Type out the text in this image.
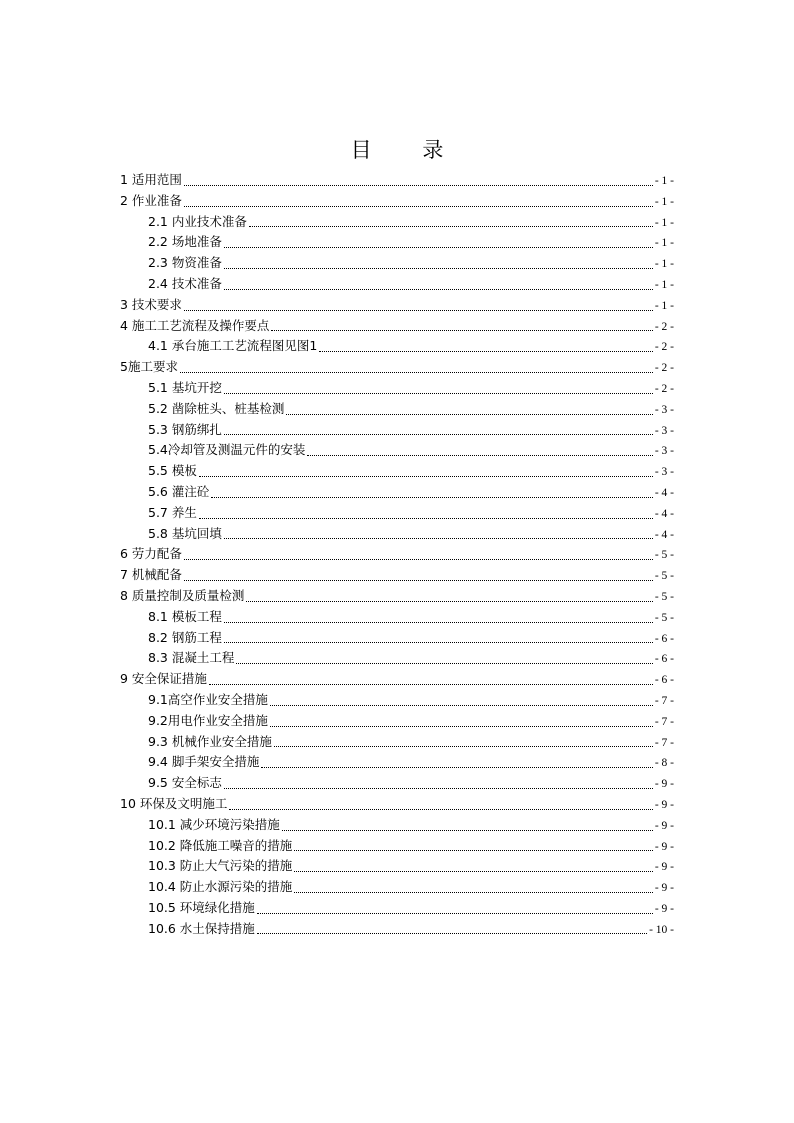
目 录
1 适用范围	- 1 -
2 作业准备	- 1 -
2.1 内业技术准备	- 1 -
2.2 场地准备	- 1 -
2.3 物资准备	- 1 -
2.4 技术准备	- 1 -
3 技术要求	- 1 -
4 施工工艺流程及操作要点	- 2 -
4.1 承台施工工艺流程图见图1	- 2 -
5施工要求	- 2 -
5.1 基坑开挖	- 2 -
5.2 凿除桩头、桩基检测	- 3 -
5.3 钢筋绑扎	- 3 -
5.4冷却管及测温元件的安装	- 3 -
5.5 模板	- 3 -
5.6 灌注砼	- 4 -
5.7 养生	- 4 -
5.8 基坑回填	- 4 -
6 劳力配备	- 5 -
7 机械配备	- 5 -
8 质量控制及质量检测	- 5 -
8.1 模板工程	- 5 -
8.2 钢筋工程	- 6 -
8.3 混凝土工程	- 6 -
9 安全保证措施	- 6 -
9.1高空作业安全措施	- 7 -
9.2用电作业安全措施	- 7 -
9.3 机械作业安全措施	- 7 -
9.4 脚手架安全措施	- 8 -
9.5 安全标志	- 9 -
10 环保及文明施工	- 9 -
10.1 减少环境污染措施	- 9 -
10.2 降低施工噪音的措施	- 9 -
10.3 防止大气污染的措施	- 9 -
10.4 防止水源污染的措施	- 9 -
10.5 环境绿化措施	- 9 -
10.6 水土保持措施	- 10 -
